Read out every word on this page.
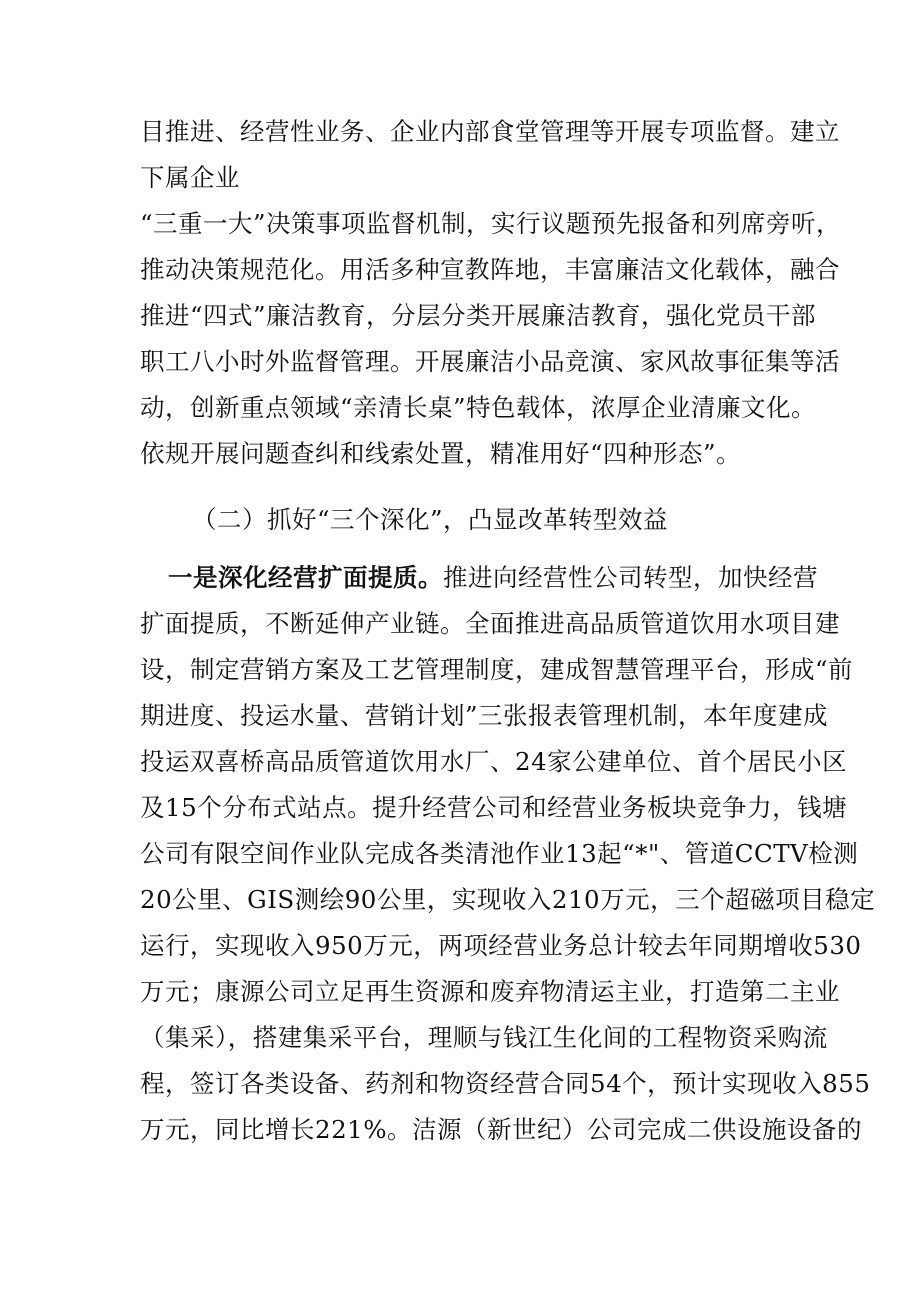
目推进、经营性业务、企业内部食堂管理等开展专项监督。建立
下属企业
“三重一大”决策事项监督机制，实行议题预先报备和列席旁听，
推动决策规范化。用活多种宣教阵地，丰富廉洁文化载体，融合
推进“四式”廉洁教育，分层分类开展廉洁教育，强化党员干部
职工八小时外监督管理。开展廉洁小品竞演、家风故事征集等活
动，创新重点领域“亲清长桌”特色载体，浓厚企业清廉文化。
依规开展问题查纠和线索处置，精准用好“四种形态”。
（二）抓好“三个深化”，凸显改革转型效益
一是深化经营扩面提质。推进向经营性公司转型，加快经营
扩面提质，不断延伸产业链。全面推进高品质管道饮用水项目建
设，制定营销方案及工艺管理制度，建成智慧管理平台，形成“前
期进度、投运水量、营销计划”三张报表管理机制，本年度建成
投运双喜桥高品质管道饮用水厂、24家公建单位、首个居民小区
及15个分布式站点。提升经营公司和经营业务板块竞争力，钱塘
公司有限空间作业队完成各类清池作业13起“*"、管道CCTV检测
20公里、GIS测绘90公里，实现收入210万元，三个超磁项目稳定
运行，实现收入950万元，两项经营业务总计较去年同期增收530
万元；康源公司立足再生资源和废弃物清运主业，打造第二主业
（集采），搭建集采平台，理顺与钱江生化间的工程物资采购流
程，签订各类设备、药剂和物资经营合同54个，预计实现收入855
万元，同比增长221%。洁源（新世纪）公司完成二供设施设备的
